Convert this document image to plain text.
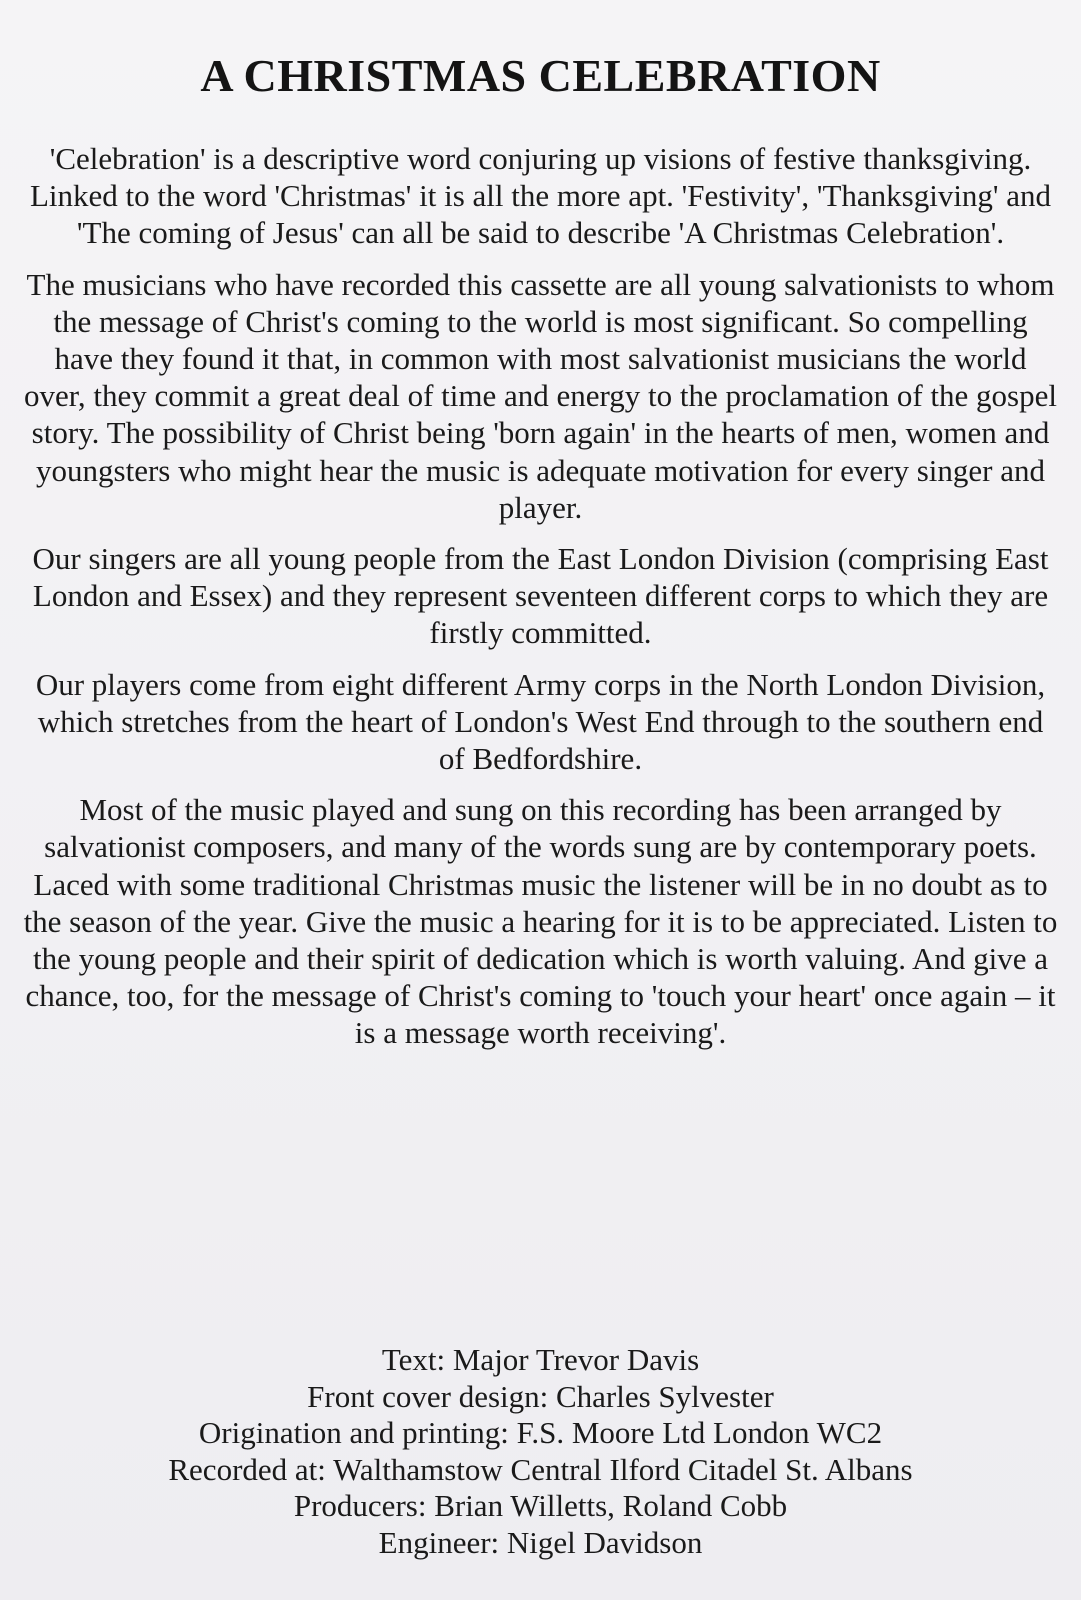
A CHRISTMAS CELEBRATION

'Celebration' is a descriptive word conjuring up visions of festive thanksgiving. Linked to the word 'Christmas' it is all the more apt. 'Festivity', 'Thanksgiving' and 'The coming of Jesus' can all be said to describe 'A Christmas Celebration'.

The musicians who have recorded this cassette are all young salvationists to whom the message of Christ's coming to the world is most significant. So compelling have they found it that, in common with most salvationist musicians the world over, they commit a great deal of time and energy to the proclamation of the gospel story. The possibility of Christ being 'born again' in the hearts of men, women and youngsters who might hear the music is adequate motivation for every singer and player.

Our singers are all young people from the East London Division (comprising East London and Essex) and they represent seventeen different corps to which they are firstly committed.

Our players come from eight different Army corps in the North London Division, which stretches from the heart of London's West End through to the southern end of Bedfordshire.

Most of the music played and sung on this recording has been arranged by salvationist composers, and many of the words sung are by contemporary poets. Laced with some traditional Christmas music the listener will be in no doubt as to the season of the year. Give the music a hearing for it is to be appreciated. Listen to the young people and their spirit of dedication which is worth valuing. And give a chance, too, for the message of Christ's coming to 'touch your heart' once again – it is a message worth receiving'.

Text: Major Trevor Davis
Front cover design: Charles Sylvester
Origination and printing: F.S. Moore Ltd London WC2
Recorded at: Walthamstow Central Ilford Citadel St. Albans
Producers: Brian Willetts, Roland Cobb
Engineer: Nigel Davidson
